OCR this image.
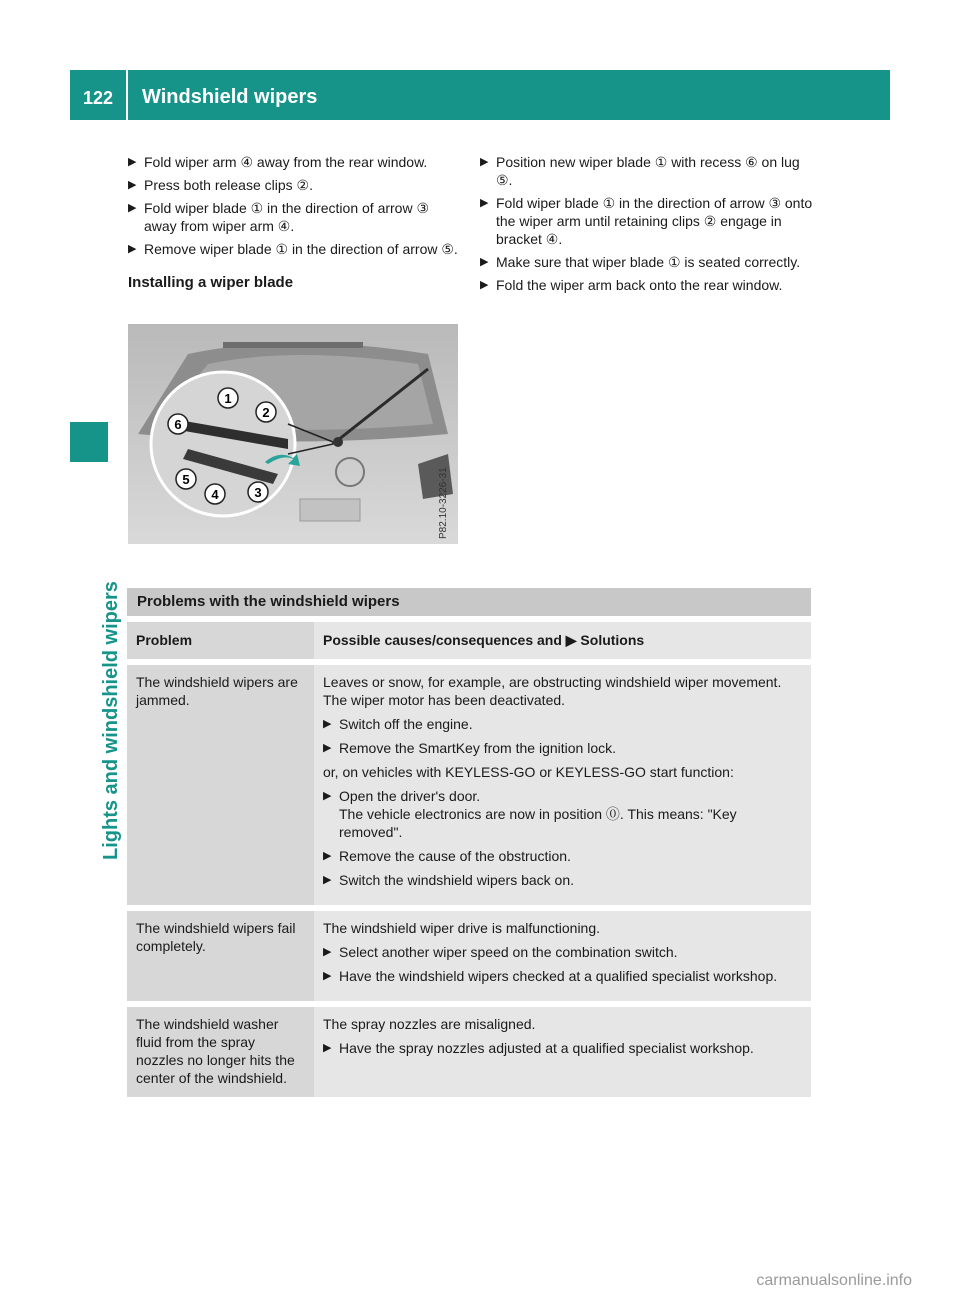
122	Windshield wipers
Lights and windshield wipers
▶ Fold wiper arm ④ away from the rear window.
▶ Press both release clips ②.
▶ Fold wiper blade ① in the direction of arrow ③ away from wiper arm ④.
▶ Remove wiper blade ① in the direction of arrow ⑤.
Installing a wiper blade
1
2
3
4
5
6
P82.10-3226-31
▶ Position new wiper blade ① with recess ⑥ on lug ⑤.
▶ Fold wiper blade ① in the direction of arrow ③ onto the wiper arm until retaining clips ② engage in bracket ④.
▶ Make sure that wiper blade ① is seated correctly.
▶ Fold the wiper arm back onto the rear window.
Problems with the windshield wipers
Problem	Possible causes/consequences and ▶ Solutions
The windshield wipers are jammed.

Leaves or snow, for example, are obstructing windshield wiper movement. The wiper motor has been deactivated.

▶ Switch off the engine.
▶ Remove the SmartKey from the ignition lock.

or, on vehicles with KEYLESS-GO or KEYLESS-GO start function:

▶ Open the driver's door.
The vehicle electronics are now in position ⓪. This means: "Key removed".
▶ Remove the cause of the obstruction.
▶ Switch the windshield wipers back on.
The windshield wipers fail completely.

The windshield wiper drive is malfunctioning.

▶ Select another wiper speed on the combination switch.
▶ Have the windshield wipers checked at a qualified specialist workshop.
The windshield washer fluid from the spray nozzles no longer hits the center of the windshield.

The spray nozzles are misaligned.

▶ Have the spray nozzles adjusted at a qualified specialist workshop.
carmanualsonline.info
